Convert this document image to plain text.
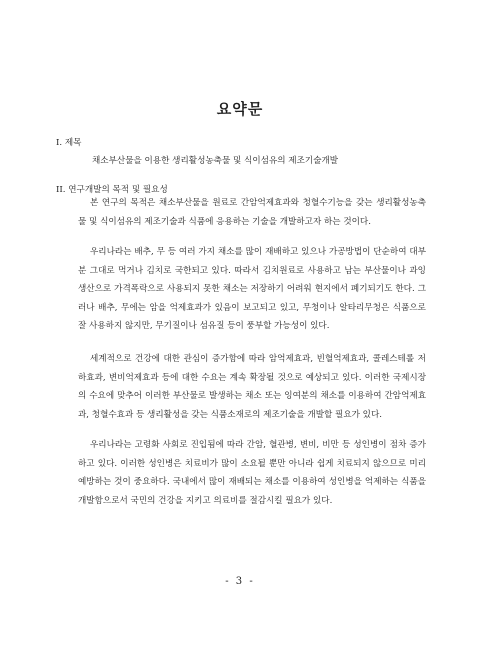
요약문
I. 제목
채소부산물을 이용한 생리활성농축물 및 식이섬유의 제조기술개발
II. 연구개발의 목적 및 필요성

본 연구의 목적은 채소부산물을 원료로 간암억제효과와 청혈수기능을 갖는 생리활성농축물 및 식이섬유의 제조기술과 식품에 응용하는 기술을 개발하고자 하는 것이다.

우리나라는 배추, 무 등 여러 가지 채소를 많이 재배하고 있으나 가공방법이 단순하여 대부분 그대로 먹거나 김치로 국한되고 있다. 따라서 김치원료로 사용하고 남는 부산물이나 과잉생산으로 가격폭락으로 사용되지 못한 채소는 저장하기 어려워 현지에서 폐기되기도 한다. 그러나 배추, 무에는 암을 억제효과가 있음이 보고되고 있고, 무청이나 알타리무청은 식품으로 잘 사용하지 않지만, 무기질이나 섬유질 등이 풍부할 가능성이 있다.

세계적으로 건강에 대한 관심이 증가함에 따라 암억제효과, 빈혈억제효과, 콜레스테롤 저하효과, 변비억제효과 등에 대한 수요는 계속 확장될 것으로 예상되고 있다. 이러한 국제시장의 수요에 맞추어 이러한 부산물로 발생하는 채소 또는 잉여분의 채소를 이용하여 간암억제효과, 청혈수효과 등 생리활성을 갖는 식품소재로의 제조기술을 개발할 필요가 있다.

우리나라는 고령화 사회로 진입됨에 따라 간암, 혈관병, 변비, 비만 등 성인병이 점차 증가하고 있다. 이러한 성인병은 치료비가 많이 소요될 뿐만 아니라 쉽게 치료되지 않으므로 미리 예방하는 것이 중요하다. 국내에서 많이 재배되는 채소를 이용하여 성인병을 억제하는 식품을 개발함으로서 국민의 건강을 지키고 의료비를 절감시킬 필요가 있다.

- 3 -
